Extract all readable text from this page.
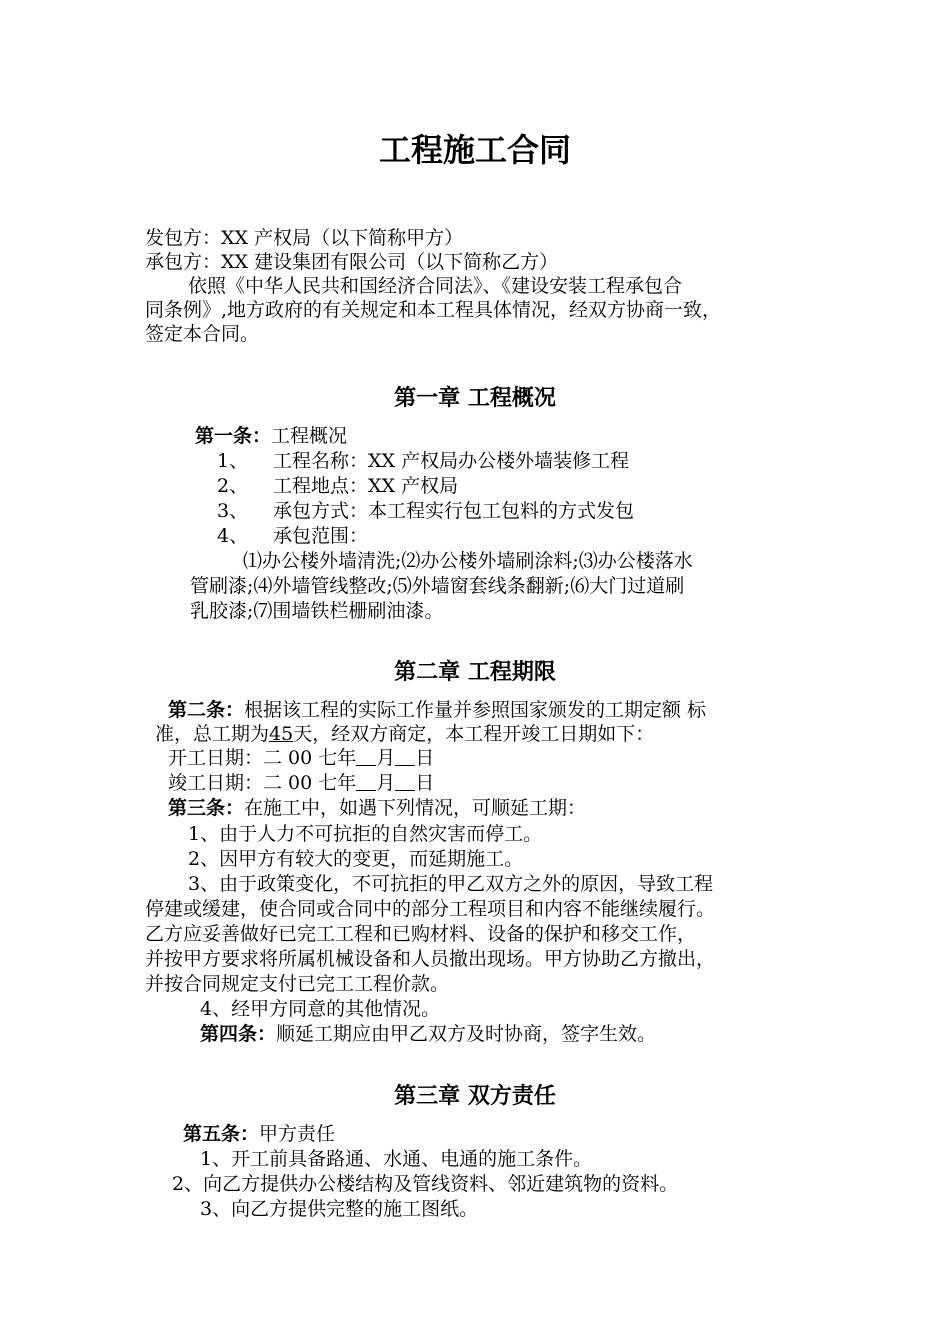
工程施工合同
发包方：XX 产权局（以下简称甲方）
承包方：XX 建设集团有限公司（以下简称乙方）
依照《中华人民共和国经济合同法》、《建设安装工程承包合
同条例》,地方政府的有关规定和本工程具体情况，经双方协商一致，
签定本合同。
第一章 工程概况
第一条：工程概况
1、 工程名称：XX 产权局办公楼外墙装修工程
2、 工程地点：XX 产权局
3、 承包方式：本工程实行包工包料的方式发包
4、 承包范围：
⑴办公楼外墙清洗;⑵办公楼外墙刷涂料;⑶办公楼落水
管刷漆;⑷外墙管线整改;⑸外墙窗套线条翻新;⑹大门过道刷
乳胶漆;⑺围墙铁栏栅刷油漆。
第二章 工程期限
第二条：根据该工程的实际工作量并参照国家颁发的工期定额 标
准，总工期为45天，经双方商定，本工程开竣工日期如下：
开工日期：二 00 七年 月 日
竣工日期：二 00 七年 月 日
第三条：在施工中，如遇下列情况，可顺延工期：
1、由于人力不可抗拒的自然灾害而停工。
2、因甲方有较大的变更，而延期施工。
3、由于政策变化，不可抗拒的甲乙双方之外的原因，导致工程
停建或缓建，使合同或合同中的部分工程项目和内容不能继续履行。
乙方应妥善做好已完工工程和已购材料、设备的保护和移交工作，
并按甲方要求将所属机械设备和人员撤出现场。甲方协助乙方撤出，
并按合同规定支付已完工工程价款。
4、经甲方同意的其他情况。
第四条：顺延工期应由甲乙双方及时协商，签字生效。
第三章 双方责任
第五条：甲方责任
1、开工前具备路通、水通、电通的施工条件。
2、向乙方提供办公楼结构及管线资料、邻近建筑物的资料。
3、向乙方提供完整的施工图纸。
